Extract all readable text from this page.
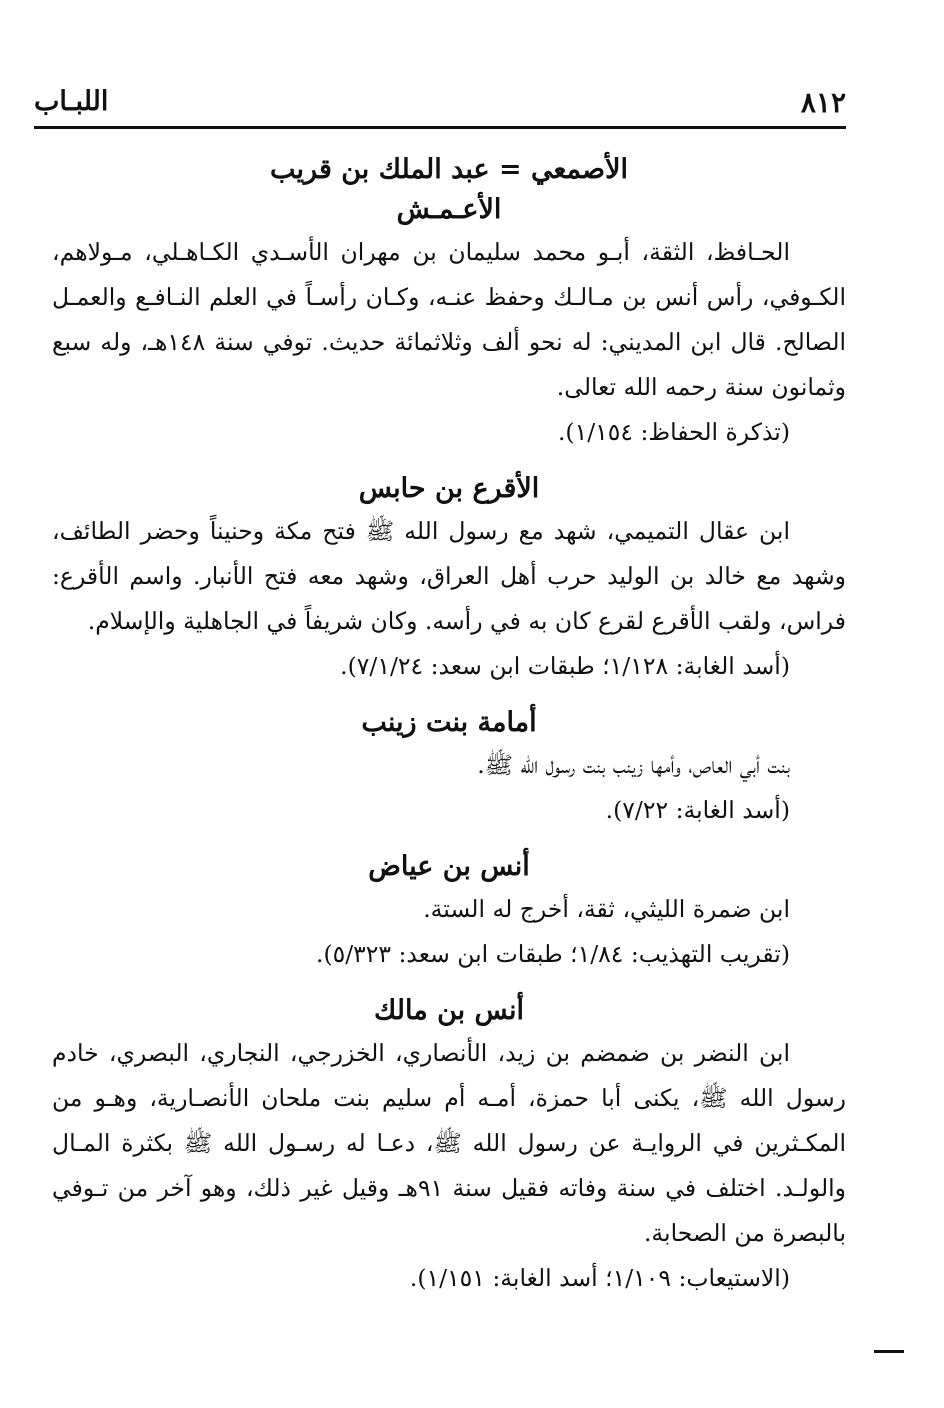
٨١٢
اللبـاب
الأصمعي = عبد الملك بن قريب
الأعـمـش

الحـافظ، الثقة، أبـو محمد سليمان بن مهران الأسـدي الكـاهـلي، مـولاهم، الكـوفي، رأس أنس بن مـالـك وحفظ عنـه، وكـان رأسـاً في العلم النـافـع والعمـل الصالح. قال ابن المديني: له نحو ألف وثلاثمائة حديث. توفي سنة ١٤٨هـ، وله سبع وثمانون سنة رحمه الله تعالى.

(تذكرة الحفاظ: ١/١٥٤).

الأقرع بن حابس

ابن عقال التميمي، شهد مع رسول الله ﷺ فتح مكة وحنيناً وحضر الطائف، وشهد مع خالد بن الوليد حرب أهل العراق، وشهد معه فتح الأنبار. واسم الأقرع: فراس، ولقب الأقرع لقرع كان به في رأسه. وكان شريفاً في الجاهلية والإسلام.

(أسد الغابة: ١/١٢٨؛ طبقات ابن سعد: ٧/١/٢٤).

أمامة بنت زينب

بنت أبي العاص، وأمها زينب بنت رسول الله ﷺ.

(أسد الغابة: ٧/٢٢).

أنس بن عياض

ابن ضمرة الليثي، ثقة، أخرج له الستة.

(تقريب التهذيب: ١/٨٤؛ طبقات ابن سعد: ٥/٣٢٣).

أنس بن مالك

ابن النضر بن ضمضم بن زيد، الأنصاري، الخزرجي، النجاري، البصري، خادم رسول الله ﷺ، يكنى أبا حمزة، أمـه أم سليم بنت ملحان الأنصـارية، وهـو من المكـثرين في الروايـة عن رسول الله ﷺ، دعـا له رسـول الله ﷺ بكثرة المـال والولـد. اختلف في سنة وفاته فقيل سنة ٩١هـ وقيل غير ذلك، وهو آخر من تـوفي بالبصرة من الصحابة.

(الاستيعاب: ١/١٠٩؛ أسد الغابة: ١/١٥١).
